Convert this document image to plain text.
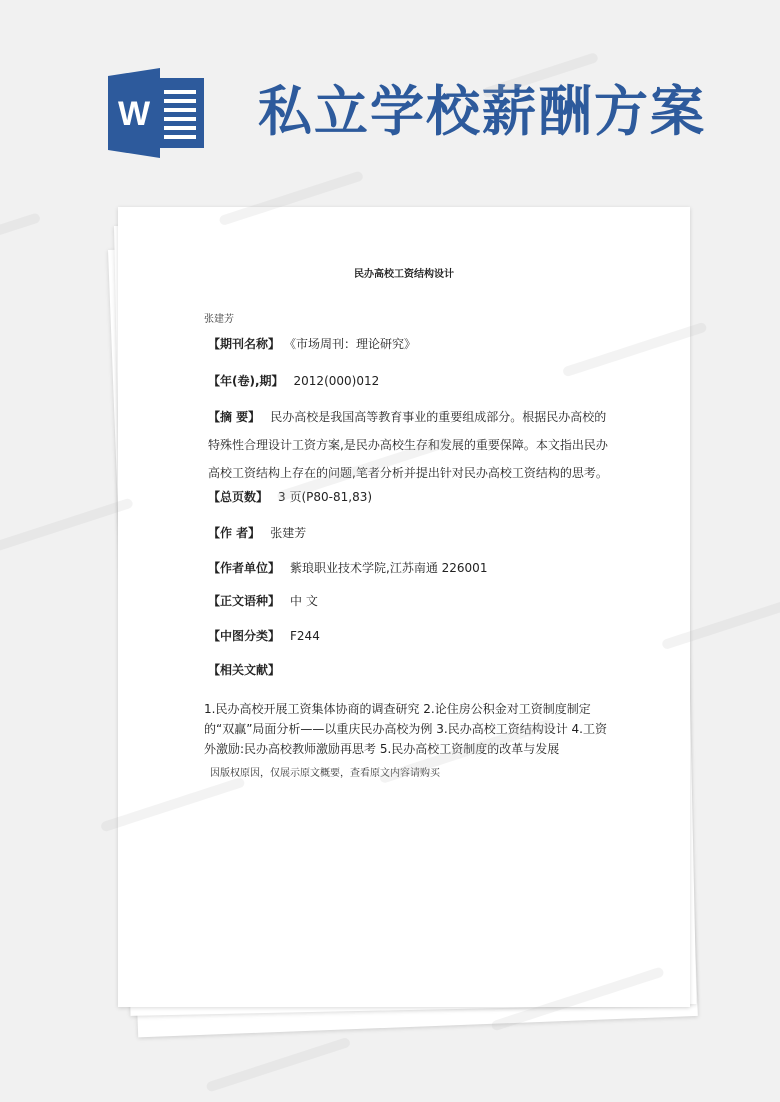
W 私立学校薪酬方案
民办高校工资结构设计
张建芳
【期刊名称】 《市场周刊：理论研究》
【年(卷),期】 2012(000)012
【摘 要】 民办高校是我国高等教育事业的重要组成部分。根据民办高校的特殊性合理设计工资方案,是民办高校生存和发展的重要保障。本文指出民办高校工资结构上存在的问题,笔者分析并提出针对民办高校工资结构的思考。
【总页数】 3 页(P80-81,83)
【作 者】 张建芳
【作者单位】 紫琅职业技术学院,江苏南通 226001
【正文语种】 中 文
【中图分类】 F244
【相关文献】
1.民办高校开展工资集体协商的调查研究 2.论住房公积金对工资制度制定的“双赢”局面分析——以重庆民办高校为例 3.民办高校工资结构设计 4.工资外激励:民办高校教师激励再思考 5.民办高校工资制度的改革与发展
因版权原因，仅展示原文概要，查看原文内容请购买
